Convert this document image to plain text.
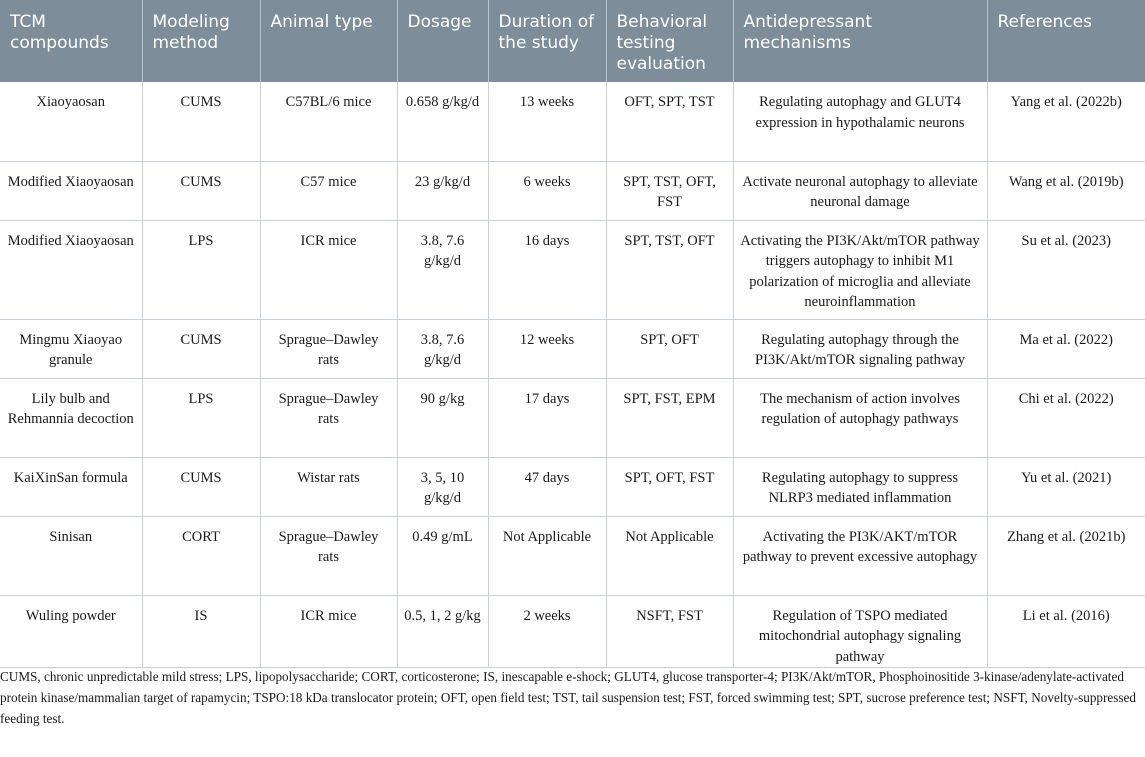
TCM compounds	Modeling method	Animal type	Dosage	Duration of the study	Behavioral testing evaluation	Antidepressant mechanisms	References
Xiaoyaosan	CUMS	C57BL/6 mice	0.658 g/kg/d	13 weeks	OFT, SPT, TST	Regulating autophagy and GLUT4 expression in hypothalamic neurons	Yang et al. (2022b)
Modified Xiaoyaosan	CUMS	C57 mice	23 g/kg/d	6 weeks	SPT, TST, OFT, FST	Activate neuronal autophagy to alleviate neuronal damage	Wang et al. (2019b)
Modified Xiaoyaosan	LPS	ICR mice	3.8, 7.6 g/kg/d	16 days	SPT, TST, OFT	Activating the PI3K/Akt/mTOR pathway triggers autophagy to inhibit M1 polarization of microglia and alleviate neuroinflammation	Su et al. (2023)
Mingmu Xiaoyao granule	CUMS	Sprague–Dawley rats	3.8, 7.6 g/kg/d	12 weeks	SPT, OFT	Regulating autophagy through the PI3K/Akt/mTOR signaling pathway	Ma et al. (2022)
Lily bulb and Rehmannia decoction	LPS	Sprague–Dawley rats	90 g/kg	17 days	SPT, FST, EPM	The mechanism of action involves regulation of autophagy pathways	Chi et al. (2022)
KaiXinSan formula	CUMS	Wistar rats	3, 5, 10 g/kg/d	47 days	SPT, OFT, FST	Regulating autophagy to suppress NLRP3 mediated inflammation	Yu et al. (2021)
Sinisan	CORT	Sprague–Dawley rats	0.49 g/mL	Not Applicable	Not Applicable	Activating the PI3K/AKT/mTOR pathway to prevent excessive autophagy	Zhang et al. (2021b)
Wuling powder	IS	ICR mice	0.5, 1, 2 g/kg	2 weeks	NSFT, FST	Regulation of TSPO mediated mitochondrial autophagy signaling pathway	Li et al. (2016)

CUMS, chronic unpredictable mild stress; LPS, lipopolysaccharide; CORT, corticosterone; IS, inescapable e-shock; GLUT4, glucose transporter-4; PI3K/Akt/mTOR, Phosphoinositide 3-kinase/adenylate-activated protein kinase/mammalian target of rapamycin; TSPO:18 kDa translocator protein; OFT, open field test; TST, tail suspension test; FST, forced swimming test; SPT, sucrose preference test; NSFT, Novelty-suppressed feeding test.
